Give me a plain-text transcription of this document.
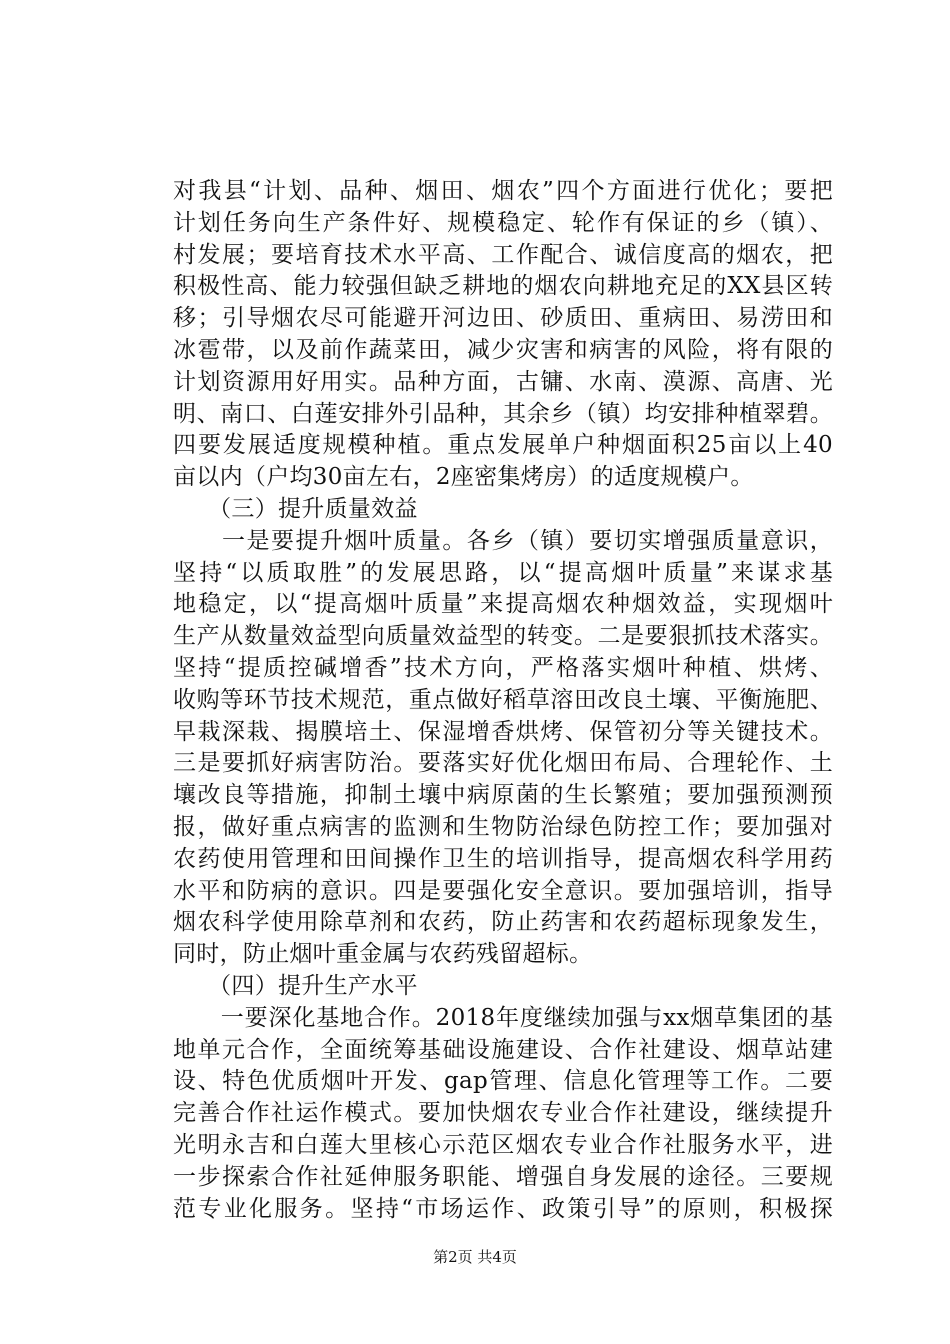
对我县“计划、品种、烟田、烟农”四个方面进行优化；要把
计划任务向生产条件好、规模稳定、轮作有保证的乡（镇）、
村发展；要培育技术水平高、工作配合、诚信度高的烟农，把
积极性高、能力较强但缺乏耕地的烟农向耕地充足的XX县区转
移；引导烟农尽可能避开河边田、砂质田、重病田、易涝田和
冰雹带，以及前作蔬菜田，减少灾害和病害的风险，将有限的
计划资源用好用实。品种方面，古镛、水南、漠源、高唐、光
明、南口、白莲安排外引品种，其余乡（镇）均安排种植翠碧。
四要发展适度规模种植。重点发展单户种烟面积25亩以上40
亩以内（户均30亩左右，2座密集烤房）的适度规模户。
　　（三）提升质量效益
　　一是要提升烟叶质量。各乡（镇）要切实增强质量意识，
坚持“以质取胜”的发展思路，以“提高烟叶质量”来谋求基
地稳定，以“提高烟叶质量”来提高烟农种烟效益，实现烟叶
生产从数量效益型向质量效益型的转变。二是要狠抓技术落实。
坚持“提质控碱增香”技术方向，严格落实烟叶种植、烘烤、
收购等环节技术规范，重点做好稻草溶田改良土壤、平衡施肥、
早栽深栽、揭膜培土、保湿增香烘烤、保管初分等关键技术。
三是要抓好病害防治。要落实好优化烟田布局、合理轮作、土
壤改良等措施，抑制土壤中病原菌的生长繁殖；要加强预测预
报，做好重点病害的监测和生物防治绿色防控工作；要加强对
农药使用管理和田间操作卫生的培训指导，提高烟农科学用药
水平和防病的意识。四是要强化安全意识。要加强培训，指导
烟农科学使用除草剂和农药，防止药害和农药超标现象发生，
同时，防止烟叶重金属与农药残留超标。
　　（四）提升生产水平
　　一要深化基地合作。2018年度继续加强与xx烟草集团的基
地单元合作，全面统筹基础设施建设、合作社建设、烟草站建
设、特色优质烟叶开发、gap管理、信息化管理等工作。二要
完善合作社运作模式。要加快烟农专业合作社建设，继续提升
光明永吉和白莲大里核心示范区烟农专业合作社服务水平，进
一步探索合作社延伸服务职能、增强自身发展的途径。三要规
范专业化服务。坚持“市场运作、政策引导”的原则，积极探
第2页 共4页
